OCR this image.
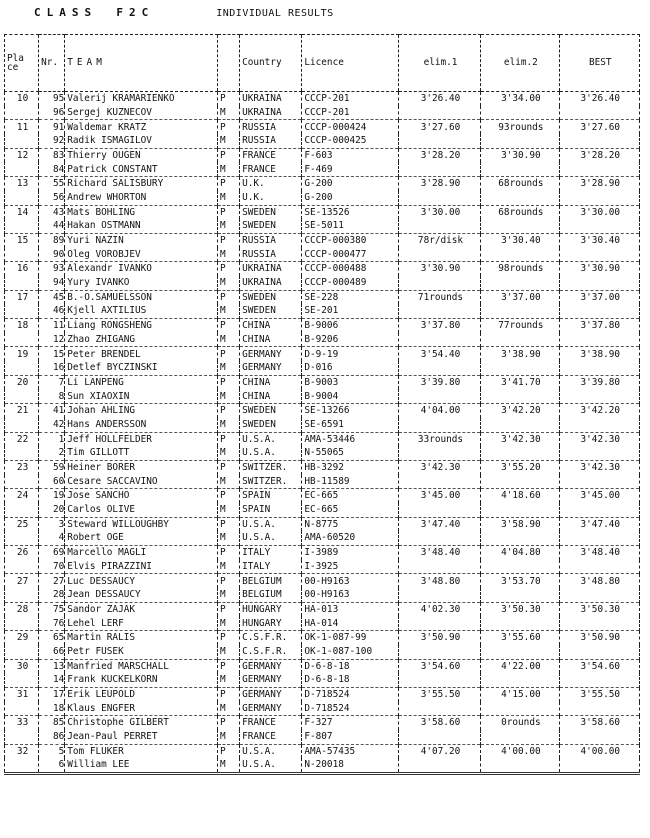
CLASS F2C	INDIVIDUAL RESULTS
Pla ce	Nr.	TEAM		Country	Licence	elim.1	elim.2	BEST
10	95	Valerij KRAMARIENKO	P	UKRAINA	CCCP-201	3'26.40	3'34.00	3'26.40
	96	Sergej KUZNECOV	M	UKRAINA	CCCP-201			
11	91	Waldemar KRATZ	P	RUSSIA	CCCP-000424	3'27.60	93rounds	3'27.60
	92	Radik ISMAGILOV	M	RUSSIA	CCCP-000425			
12	83	Thierry OUGEN	P	FRANCE	F-603	3'28.20	3'30.90	3'28.20
	84	Patrick CONSTANT	M	FRANCE	F-469			
13	55	Richard SALISBURY	P	U.K.	G-200	3'28.90	68rounds	3'28.90
	56	Andrew WHORTON	M	U.K.	G-200			
14	43	Mats BOHLING	P	SWEDEN	SE-13526	3'30.00	68rounds	3'30.00
	44	Hakan OSTMANN	M	SWEDEN	SE-5011			
15	89	Yuri NAZIN	P	RUSSIA	CCCP-000380	78r/disk	3'30.40	3'30.40
	90	Oleg VOROBJEV	M	RUSSIA	CCCP-000477			
16	93	Alexandr IVANKO	P	UKRAINA	CCCP-000488	3'30.90	98rounds	3'30.90
	94	Yury IVANKO	M	UKRAINA	CCCP-000489			
17	45	B.-O.SAMUELSSON	P	SWEDEN	SE-228	71rounds	3'37.00	3'37.00
	46	Kjell AXTILIUS	M	SWEDEN	SE-201			
18	11	Liang RONGSHENG	P	CHINA	B-9006	3'37.80	77rounds	3'37.80
	12	Zhao ZHIGANG	M	CHINA	B-9206			
19	15	Peter BRENDEL	P	GERMANY	D-9-19	3'54.40	3'38.90	3'38.90
	16	Detlef BYCZINSKI	M	GERMANY	D-016			
20	7	Li LANPENG	P	CHINA	B-9003	3'39.80	3'41.70	3'39.80
	8	Sun XIAOXIN	M	CHINA	B-9004			
21	41	Johan AHLING	P	SWEDEN	SE-13266	4'04.00	3'42.20	3'42.20
	42	Hans ANDERSSON	M	SWEDEN	SE-6591			
22	1	Jeff HOLLFELDER	P	U.S.A.	AMA-53446	33rounds	3'42.30	3'42.30
	2	Tim GILLOTT	M	U.S.A.	N-55065			
23	59	Heiner BORER	P	SWITZER.	HB-3292	3'42.30	3'55.20	3'42.30
	60	Cesare SACCAVINO	M	SWITZER.	HB-11589			
24	19	Jose SANCHO	P	SPAIN	EC-665	3'45.00	4'18.60	3'45.00
	20	Carlos OLIVE	M	SPAIN	EC-665			
25	3	Steward WILLOUGHBY	P	U.S.A.	N-8775	3'47.40	3'58.90	3'47.40
	4	Robert OGE	M	U.S.A.	AMA-60520			
26	69	Marcello MAGLI	P	ITALY	I-3989	3'48.40	4'04.80	3'48.40
	70	Elvis PIRAZZINI	M	ITALY	I-3925			
27	27	Luc DESSAUCY	P	BELGIUM	00-H9163	3'48.80	3'53.70	3'48.80
	28	Jean DESSAUCY	M	BELGIUM	00-H9163			
28	75	Sandor ZAJAK	P	HUNGARY	HA-013	4'02.30	3'50.30	3'50.30
	76	Lehel LERF	M	HUNGARY	HA-014			
29	65	Martin RALIS	P	C.S.F.R.	OK-1-087-99	3'50.90	3'55.60	3'50.90
	66	Petr FUSEK	M	C.S.F.R.	OK-1-087-100			
30	13	Manfried MARSCHALL	P	GERMANY	D-6-8-18	3'54.60	4'22.00	3'54.60
	14	Frank KUCKELKORN	M	GERMANY	D-6-8-18			
31	17	Erik LEUPOLD	P	GERMANY	D-718524	3'55.50	4'15.00	3'55.50
	18	Klaus ENGFER	M	GERMANY	D-718524			
33	85	Christophe GILBERT	P	FRANCE	F-327	3'58.60	0rounds	3'58.60
	86	Jean-Paul PERRET	M	FRANCE	F-807			
32	5	Tom FLUKER	P	U.S.A.	AMA-57435	4'07.20	4'00.00	4'00.00
	6	William LEE	M	U.S.A.	N-20018			
